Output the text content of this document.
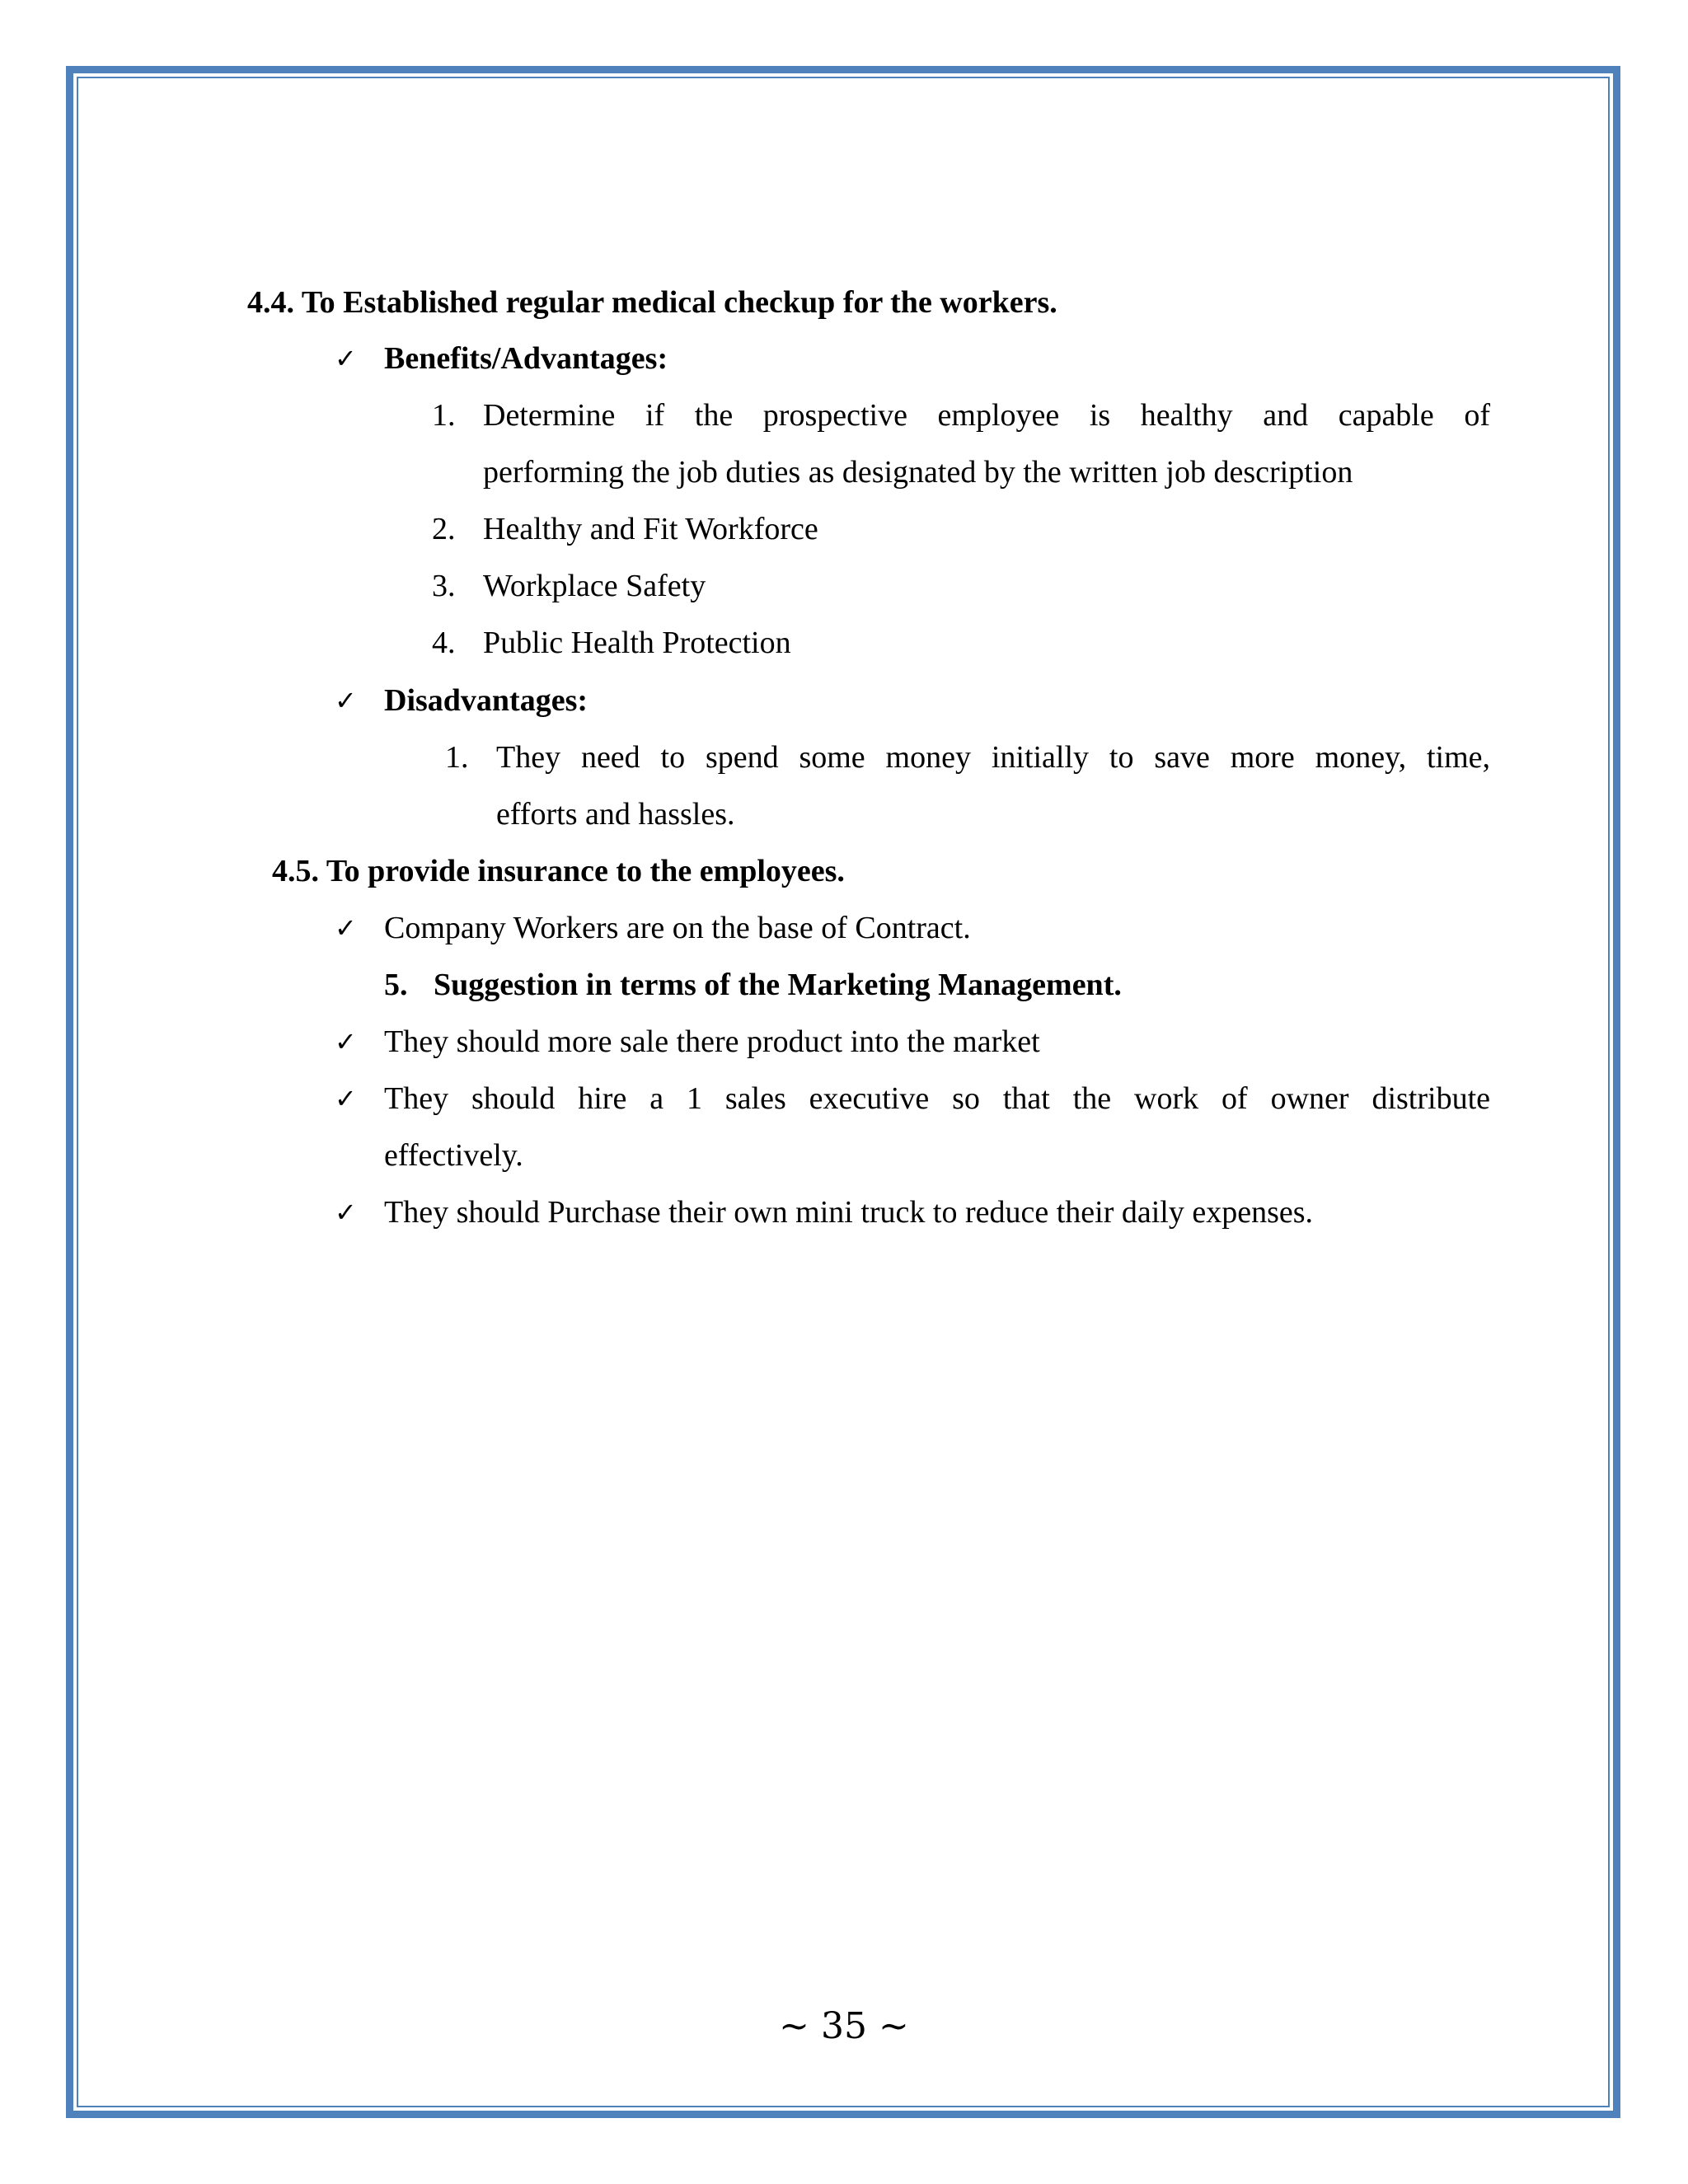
4.4. To Established regular medical checkup for the workers.
✓ Benefits/Advantages:
1. Determine if the prospective employee is healthy and capable of
performing the job duties as designated by the written job description
2. Healthy and Fit Workforce
3. Workplace Safety
4. Public Health Protection
✓ Disadvantages:
1. They need to spend some money initially to save more money, time,
efforts and hassles.
4.5. To provide insurance to the employees.
✓ Company Workers are on the base of Contract.
5. Suggestion in terms of the Marketing Management.
✓ They should more sale there product into the market
✓ They should hire a 1 sales executive so that the work of owner distribute
effectively.
✓ They should Purchase their own mini truck to reduce their daily expenses.
~ 35 ~
